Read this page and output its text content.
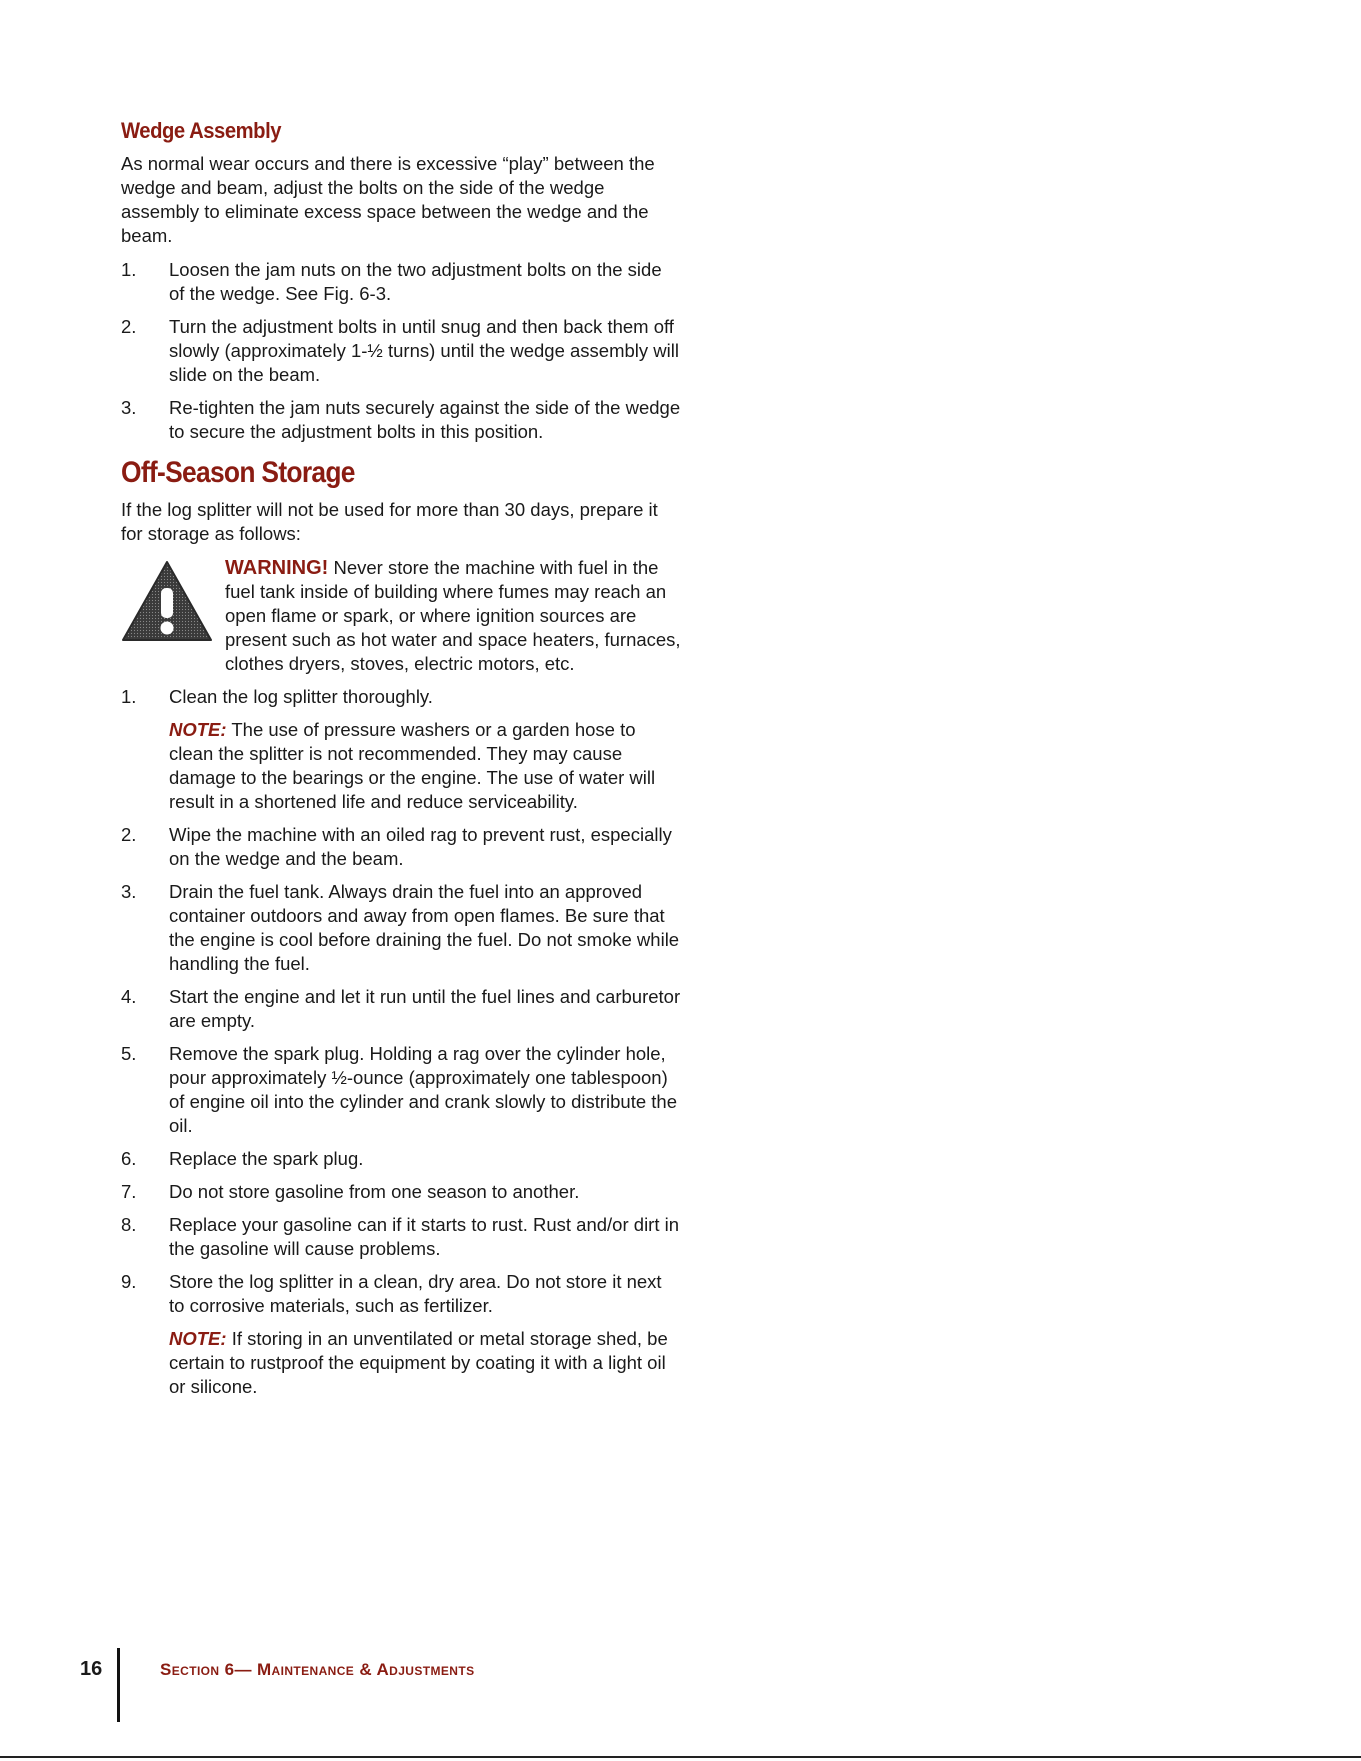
Wedge Assembly

As normal wear occurs and there is excessive “play” between the wedge and beam, adjust the bolts on the side of the wedge assembly to eliminate excess space between the wedge and the beam.

1. Loosen the jam nuts on the two adjustment bolts on the side of the wedge. See Fig. 6-3.
2. Turn the adjustment bolts in until snug and then back them off slowly (approximately 1-½ turns) until the wedge assembly will slide on the beam.
3. Re-tighten the jam nuts securely against the side of the wedge to secure the adjustment bolts in this position.
Off-Season Storage

If the log splitter will not be used for more than 30 days, prepare it for storage as follows:

WARNING! Never store the machine with fuel in the fuel tank inside of building where fumes may reach an open flame or spark, or where ignition sources are present such as hot water and space heaters, furnaces, clothes dryers, stoves, electric motors, etc.

1. Clean the log splitter thoroughly.

NOTE: The use of pressure washers or a garden hose to clean the splitter is not recommended. They may cause damage to the bearings or the engine. The use of water will result in a shortened life and reduce serviceability.

2. Wipe the machine with an oiled rag to prevent rust, especially on the wedge and the beam.
3. Drain the fuel tank. Always drain the fuel into an approved container outdoors and away from open flames. Be sure that the engine is cool before draining the fuel. Do not smoke while handling the fuel.
4. Start the engine and let it run until the fuel lines and carburetor are empty.
5. Remove the spark plug. Holding a rag over the cylinder hole, pour approximately ½-ounce (approximately one tablespoon) of engine oil into the cylinder and crank slowly to distribute the oil.
6. Replace the spark plug.
7. Do not store gasoline from one season to another.
8. Replace your gasoline can if it starts to rust. Rust and/or dirt in the gasoline will cause problems.
9. Store the log splitter in a clean, dry area. Do not store it next to corrosive materials, such as fertilizer.

NOTE: If storing in an unventilated or metal storage shed, be certain to rustproof the equipment by coating it with a light oil or silicone.

16	Section 6— Maintenance & Adjustments
